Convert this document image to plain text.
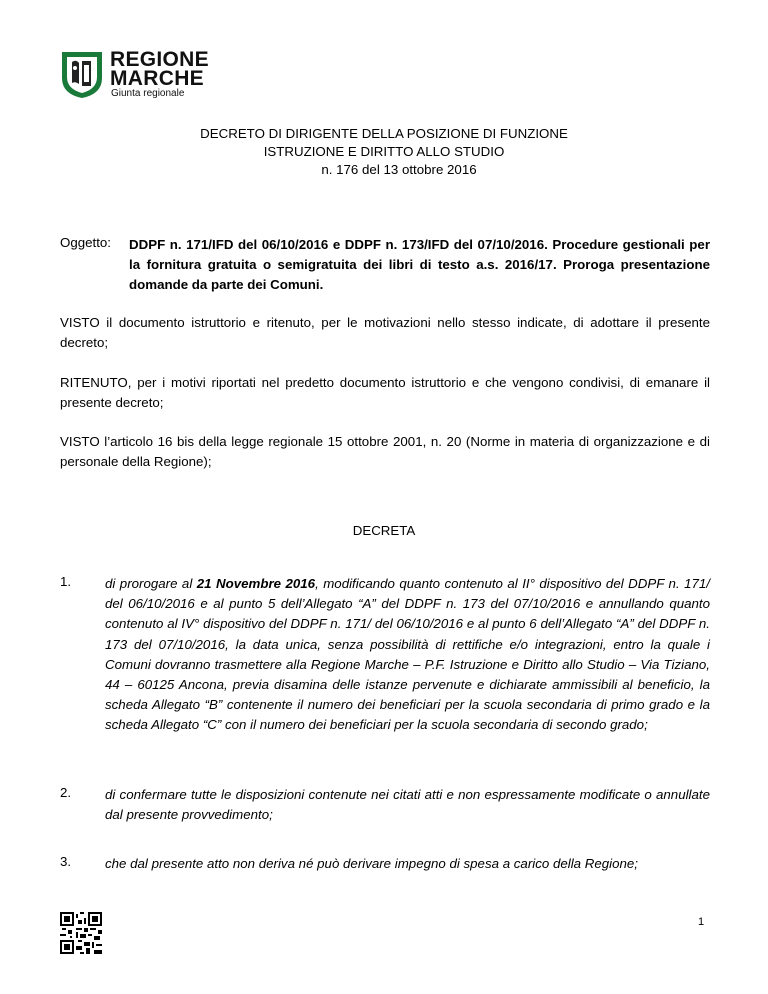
REGIONE
MARCHE
Giunta regionale
DECRETO DI DIRIGENTE DELLA POSIZIONE DI FUNZIONE
ISTRUZIONE E DIRITTO ALLO STUDIO
n. 176 del 13 ottobre 2016
Oggetto: DDPF n. 171/IFD del 06/10/2016 e DDPF n. 173/IFD del 07/10/2016. Procedure gestionali per la fornitura gratuita o semigratuita dei libri di testo a.s. 2016/17. Proroga presentazione domande da parte dei Comuni.
VISTO il documento istruttorio e ritenuto, per le motivazioni nello stesso indicate, di adottare il presente decreto;
RITENUTO, per i motivi riportati nel predetto documento istruttorio e che vengono condivisi, di emanare il presente decreto;
VISTO l’articolo 16 bis della legge regionale 15 ottobre 2001, n. 20 (Norme in materia di organizzazione e di personale della Regione);
DECRETA
1.	di prorogare al 21 Novembre 2016, modificando quanto contenuto al II° dispositivo del DDPF n. 171/ del 06/10/2016 e al punto 5 dell’Allegato “A” del DDPF n. 173 del 07/10/2016 e annullando quanto contenuto al IV° dispositivo del DDPF n. 171/ del 06/10/2016 e al punto 6 dell’Allegato “A” del DDPF n. 173 del 07/10/2016, la data unica, senza possibilità di rettifiche e/o integrazioni, entro la quale i Comuni dovranno trasmettere alla Regione Marche – P.F. Istruzione e Diritto allo Studio – Via Tiziano, 44 – 60125 Ancona, previa disamina delle istanze pervenute e dichiarate ammissibili al beneficio, la scheda Allegato “B” contenente il numero dei beneficiari per la scuola secondaria di primo grado e la scheda Allegato “C” con il numero dei beneficiari per la scuola secondaria di secondo grado;
2.	di confermare tutte le disposizioni contenute nei citati atti e non espressamente modificate o annullate dal presente provvedimento;
3.	che dal presente atto non deriva né può derivare impegno di spesa a carico della Regione;
1
